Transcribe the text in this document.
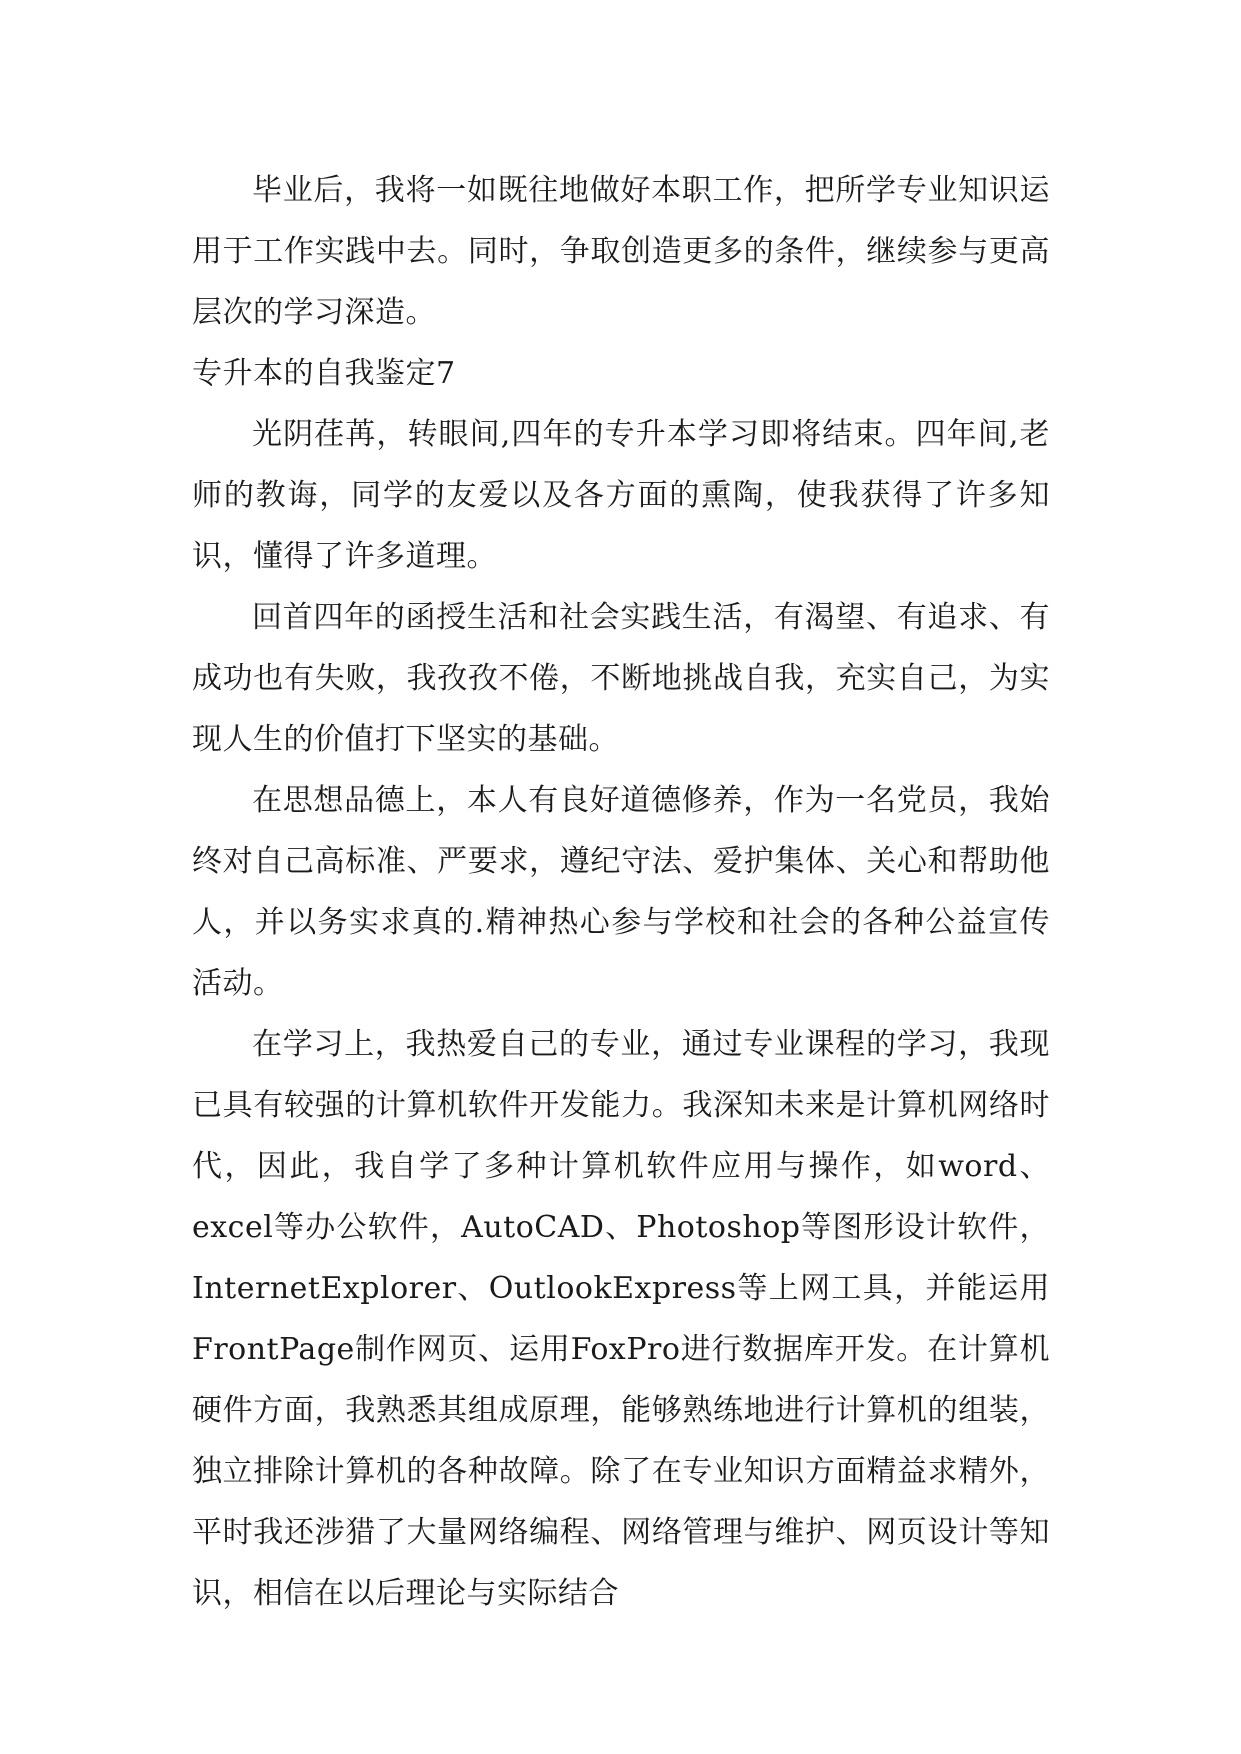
毕业后，我将一如既往地做好本职工作，把所学专业知识运用于工作实践中去。同时，争取创造更多的条件，继续参与更高层次的学习深造。

专升本的自我鉴定7

光阴荏苒，转眼间,四年的专升本学习即将结束。四年间,老师的教诲，同学的友爱以及各方面的熏陶，使我获得了许多知识，懂得了许多道理。

回首四年的函授生活和社会实践生活，有渴望、有追求、有成功也有失败，我孜孜不倦，不断地挑战自我，充实自己，为实现人生的价值打下坚实的基础。

在思想品德上，本人有良好道德修养，作为一名党员，我始终对自己高标准、严要求，遵纪守法、爱护集体、关心和帮助他人，并以务实求真的.精神热心参与学校和社会的各种公益宣传活动。

在学习上，我热爱自己的专业，通过专业课程的学习，我现已具有较强的计算机软件开发能力。我深知未来是计算机网络时代，因此，我自学了多种计算机软件应用与操作，如word、excel等办公软件，AutoCAD、Photoshop等图形设计软件，InternetExplorer、OutlookExpress等上网工具，并能运用FrontPage制作网页、运用FoxPro进行数据库开发。在计算机硬件方面，我熟悉其组成原理，能够熟练地进行计算机的组装，独立排除计算机的各种故障。除了在专业知识方面精益求精外，平时我还涉猎了大量网络编程、网络管理与维护、网页设计等知识，相信在以后理论与实际结合
